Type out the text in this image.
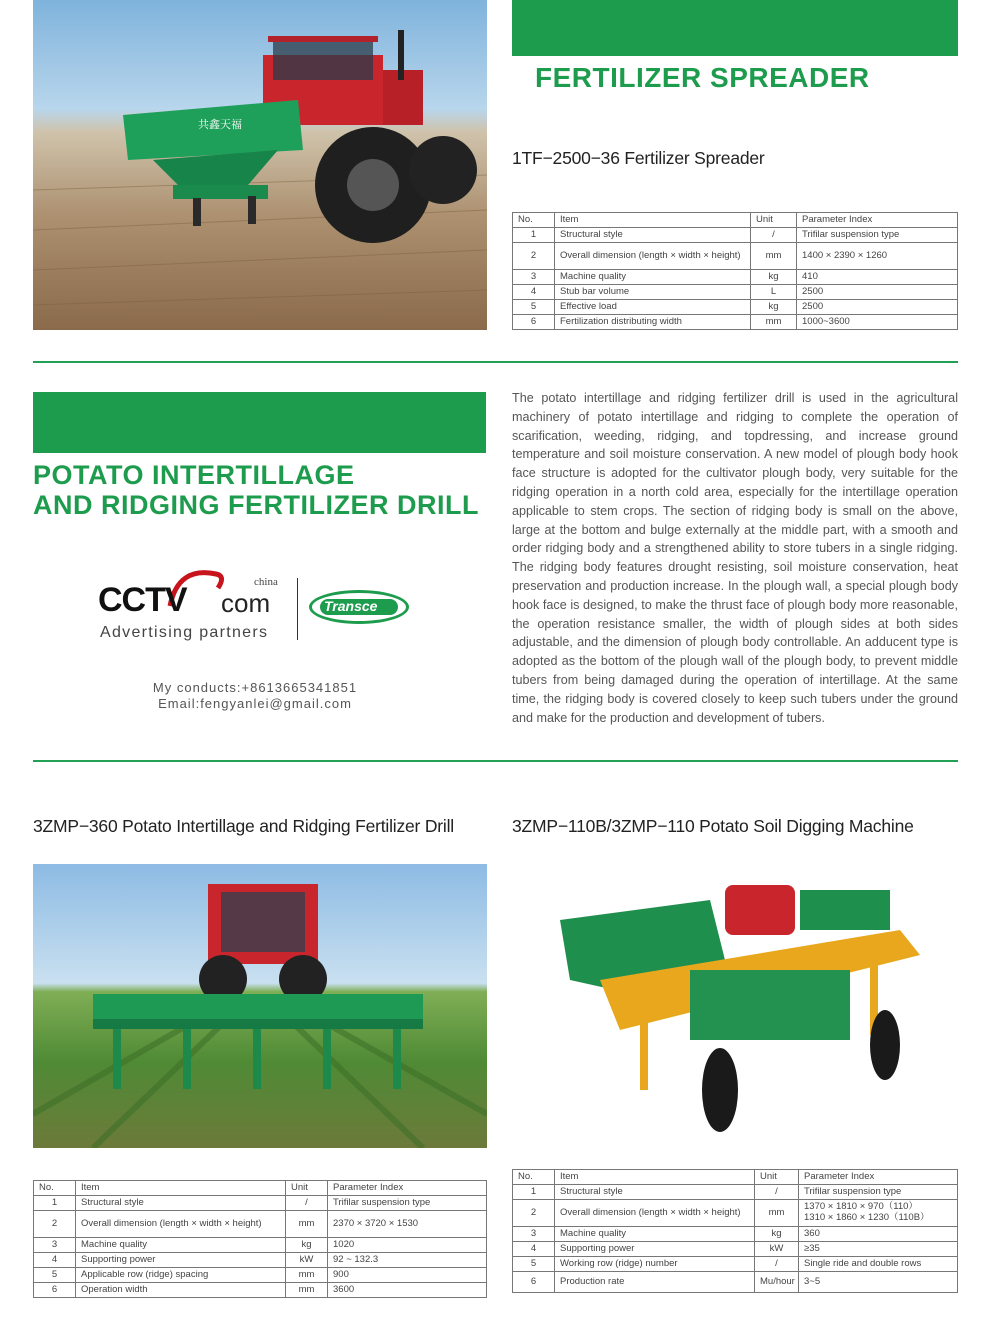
共鑫天福
FERTILIZER SPREADER
1TF−2500−36 Fertilizer Spreader
No.	Item	Unit	Parameter Index
1	Structural style	/	Trifilar suspension type
2	Overall dimension (length × width × height)	mm	1400 × 2390 × 1260
3	Machine quality	kg	410
4	Stub bar volume	L	2500
5	Effective load	kg	2500
6	Fertilization distributing width	mm	1000~3600
POTATO INTERTILLAGE
AND RIDGING FERTILIZER DRILL
CCTV com
china
Advertising partners
Transce
My conducts:+8613665341851
Email:fengyanlei@gmail.com
The potato intertillage and ridging fertilizer drill is used in the agricultural machinery of potato intertillage and ridging to complete the operation of scarification, weeding, ridging, and topdressing, and increase ground temperature and soil moisture conservation. A new model of plough body hook face structure is adopted for the cultivator plough body, very suitable for the ridging operation in a north cold area, especially for the intertillage operation applicable to stem crops. The section of ridging body is small on the above, large at the bottom and bulge externally at the middle part, with a smooth and order ridging body and a strengthened ability to store tubers in a single ridging. The ridging body features drought resisting, soil moisture conservation, heat preservation and production increase. In the plough wall, a special plough body hook face is designed, to make the thrust face of plough body more reasonable, the operation resistance smaller, the width of plough sides at both sides adjustable, and the dimension of plough body controllable. An adducent type is adopted as the bottom of the plough wall of the plough body, to prevent middle tubers from being damaged during the operation of intertillage. At the same time, the ridging body is covered closely to keep such tubers under the ground and make for the production and development of tubers.
3ZMP−360 Potato Intertillage and Ridging Fertilizer Drill
No.	Item	Unit	Parameter Index
1	Structural style	/	Trifilar suspension type
2	Overall dimension (length × width × height)	mm	2370 × 3720 × 1530
3	Machine quality	kg	1020
4	Supporting power	kW	92 ~ 132.3
5	Applicable row (ridge) spacing	mm	900
6	Operation width	mm	3600
3ZMP−110B/3ZMP−110 Potato Soil Digging Machine
No.	Item	Unit	Parameter Index
1	Structural style	/	Trifilar suspension type
2	Overall dimension (length × width × height)	mm	1370 × 1810 × 970（110）
1310 × 1860 × 1230（110B）

3	Machine quality	kg	360
4	Supporting power	kW	≥35
5	Working row (ridge) number	/	Single ride and double rows
6	Production rate	Mu/hour	3~5
